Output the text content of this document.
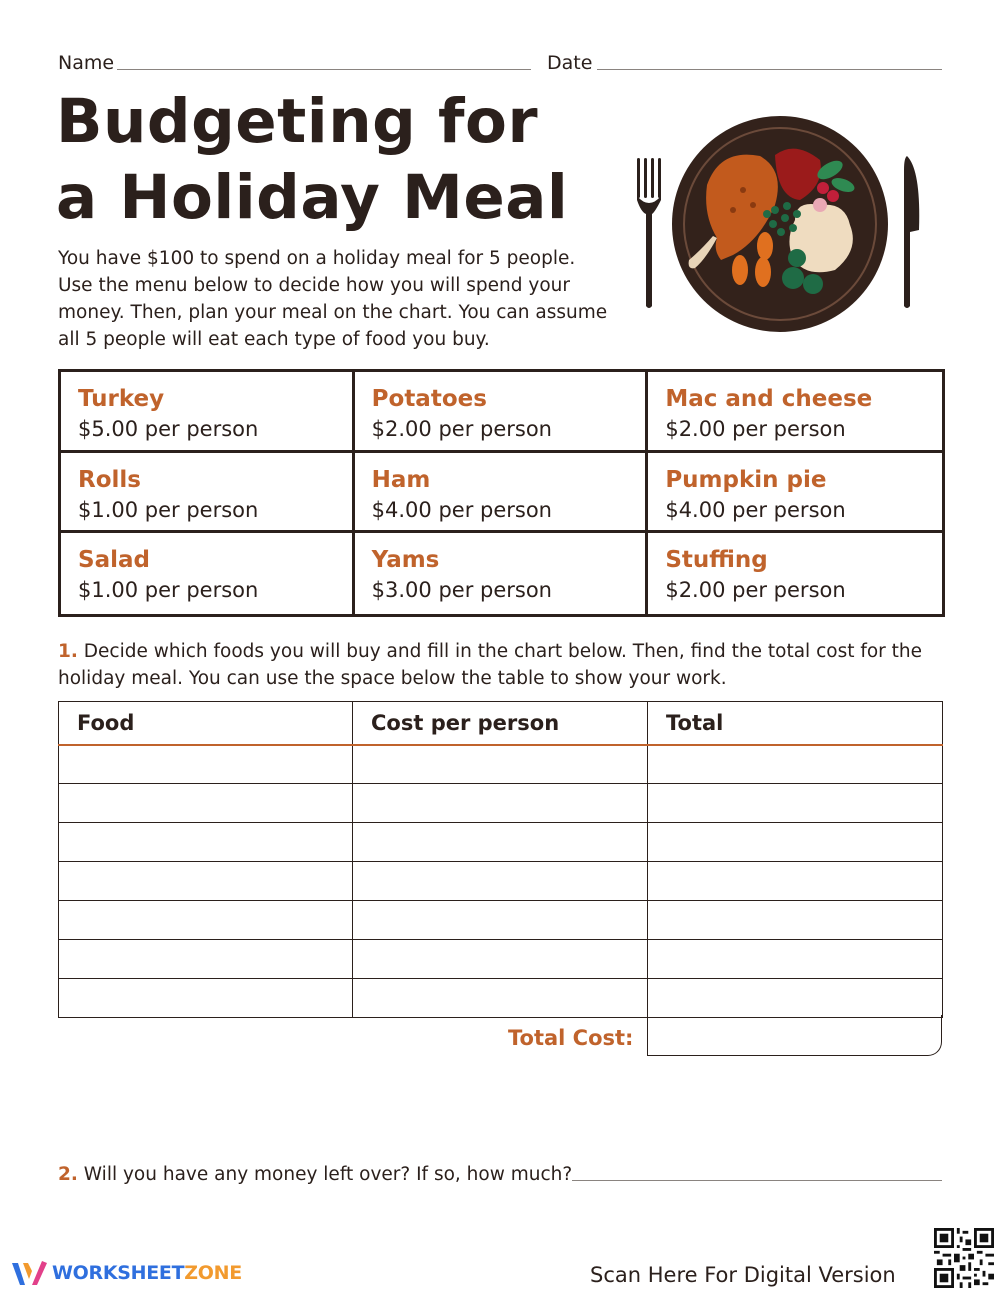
Name	Date
Budgeting for
a Holiday Meal
You have $100 to spend on a holiday meal for 5 people.
Use the menu below to decide how you will spend your
money. Then, plan your meal on the chart. You can assume
all 5 people will eat each type of food you buy.
Turkey
$5.00 per person
Potatoes
$2.00 per person
Mac and cheese
$2.00 per person
Rolls
$1.00 per person
Ham
$4.00 per person
Pumpkin pie
$4.00 per person
Salad
$1.00 per person
Yams
$3.00 per person
Stuffing
$2.00 per person
1. Decide which foods you will buy and fill in the chart below. Then, find the total cost for the
holiday meal. You can use the space below the table to show your work.
Food	Cost per person	Total

Total Cost:
2. Will you have any money left over? If so, how much?
WORKSHEETZONE	Scan Here For Digital Version
